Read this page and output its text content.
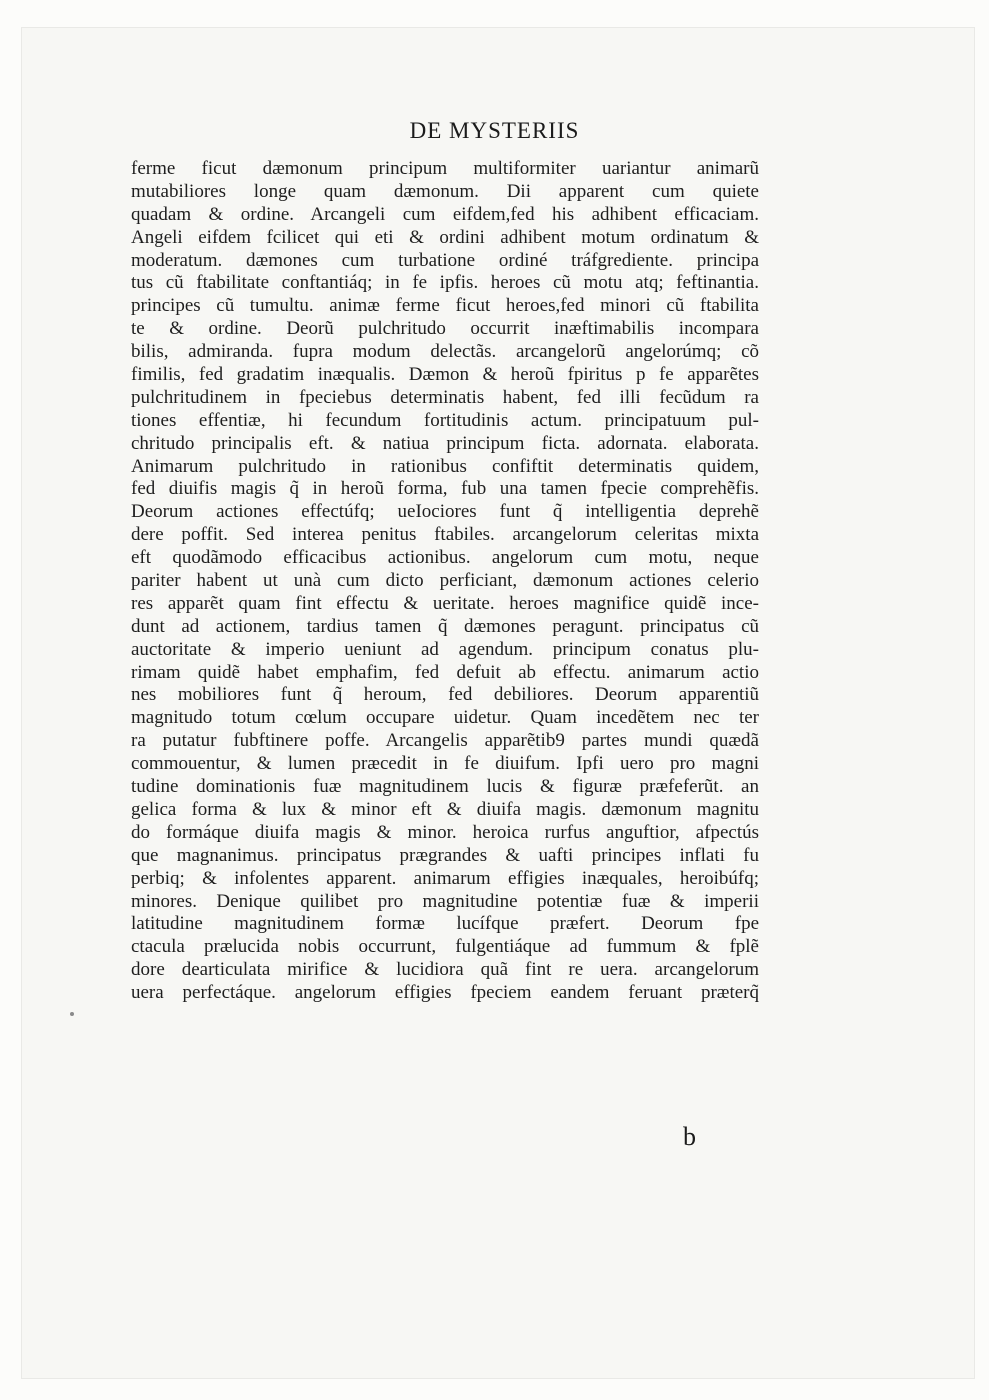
DE MYSTERIIS
ferme ficut dæmonum principum multiformiter uariantur animarũ
mutabiliores longe quam dæmonum. Dii apparent cum quiete
quadam & ordine. Arcangeli cum eifdem,fed his adhibent efficaciam.
Angeli eifdem fcilicet qui eti & ordini adhibent motum ordinatum &
moderatum. dæmones cum turbatione ordiné tráfgrediente. principa
tus cũ ftabilitate conftantiáq; in fe ipfis. heroes cũ motu atq; feftinantia.
principes cũ tumultu. animæ ferme ficut heroes,fed minori cũ ftabilita
te & ordine. Deorũ pulchritudo occurrit inæftimabilis incompara
bilis, admiranda. fupra modum delectãs. arcangelorũ angelorúmq; cõ
fimilis, fed gradatim inæqualis. Dæmon & heroũ fpiritus p fe apparẽtes
pulchritudinem in fpeciebus determinatis habent, fed illi fecũdum ra
tiones effentiæ, hi fecundum fortitudinis actum. principatuum pul-
chritudo principalis eft. & natiua principum ficta. adornata. elaborata.
Animarum pulchritudo in rationibus confiftit determinatis quidem,
fed diuifis magis q̃ in heroũ forma, fub una tamen fpecie comprehẽfis.
Deorum actiones effectúfq; ueIociores funt q̃ intelligentia deprehẽ
dere poffit. Sed interea penitus ftabiles. arcangelorum celeritas mixta
eft quodãmodo efficacibus actionibus. angelorum cum motu, neque
pariter habent ut unà cum dicto perficiant, dæmonum actiones celerio
res apparẽt quam fint effectu & ueritate. heroes magnifice quidẽ ince-
dunt ad actionem, tardius tamen q̃ dæmones peragunt. principatus cũ
auctoritate & imperio ueniunt ad agendum. principum conatus plu-
rimam quidẽ habet emphafim, fed defuit ab effectu. animarum actio
nes mobiliores funt q̃ heroum, fed debiliores. Deorum apparentiũ
magnitudo totum cœlum occupare uidetur. Quam incedẽtem nec ter
ra putatur fubftinere poffe. Arcangelis apparẽtib9 partes mundi quædã
commouentur, & lumen præcedit in fe diuifum. Ipfi uero pro magni
tudine dominationis fuæ magnitudinem lucis & figuræ præfeferũt. an
gelica forma & lux & minor eft & diuifa magis. dæmonum magnitu
do formáque diuifa magis & minor. heroica rurfus anguftior, afpectús
que magnanimus. principatus prægrandes & uafti principes inflati fu
perbiq; & infolentes apparent. animarum effigies inæquales, heroibúfq;
minores. Denique quilibet pro magnitudine potentiæ fuæ & imperii
latitudine magnitudinem formæ lucífque præfert. Deorum fpe
ctacula prælucida nobis occurrunt, fulgentiáque ad fummum & fplẽ
dore dearticulata mirifice & lucidiora quã fint re uera. arcangelorum
uera perfectáque. angelorum effigies fpeciem eandem feruant præterq̃
b
